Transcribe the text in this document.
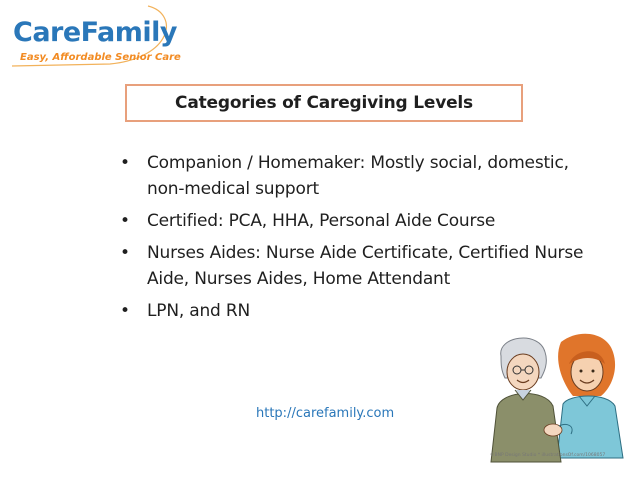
CareFamily
Easy, Affordable Senior Care
Categories of Caregiving Levels
• Companion / Homemaker: Mostly social, domestic, non-medical support
• Certified: PCA, HHA, Personal Aide Course
• Nurses Aides: Nurse Aide Certificate, Certified Nurse Aide, Nurses Aides, Home Attendant
• LPN, and RN
http://carefamily.com
©BNP Design Studio * illustrationsOf.com/1068057
